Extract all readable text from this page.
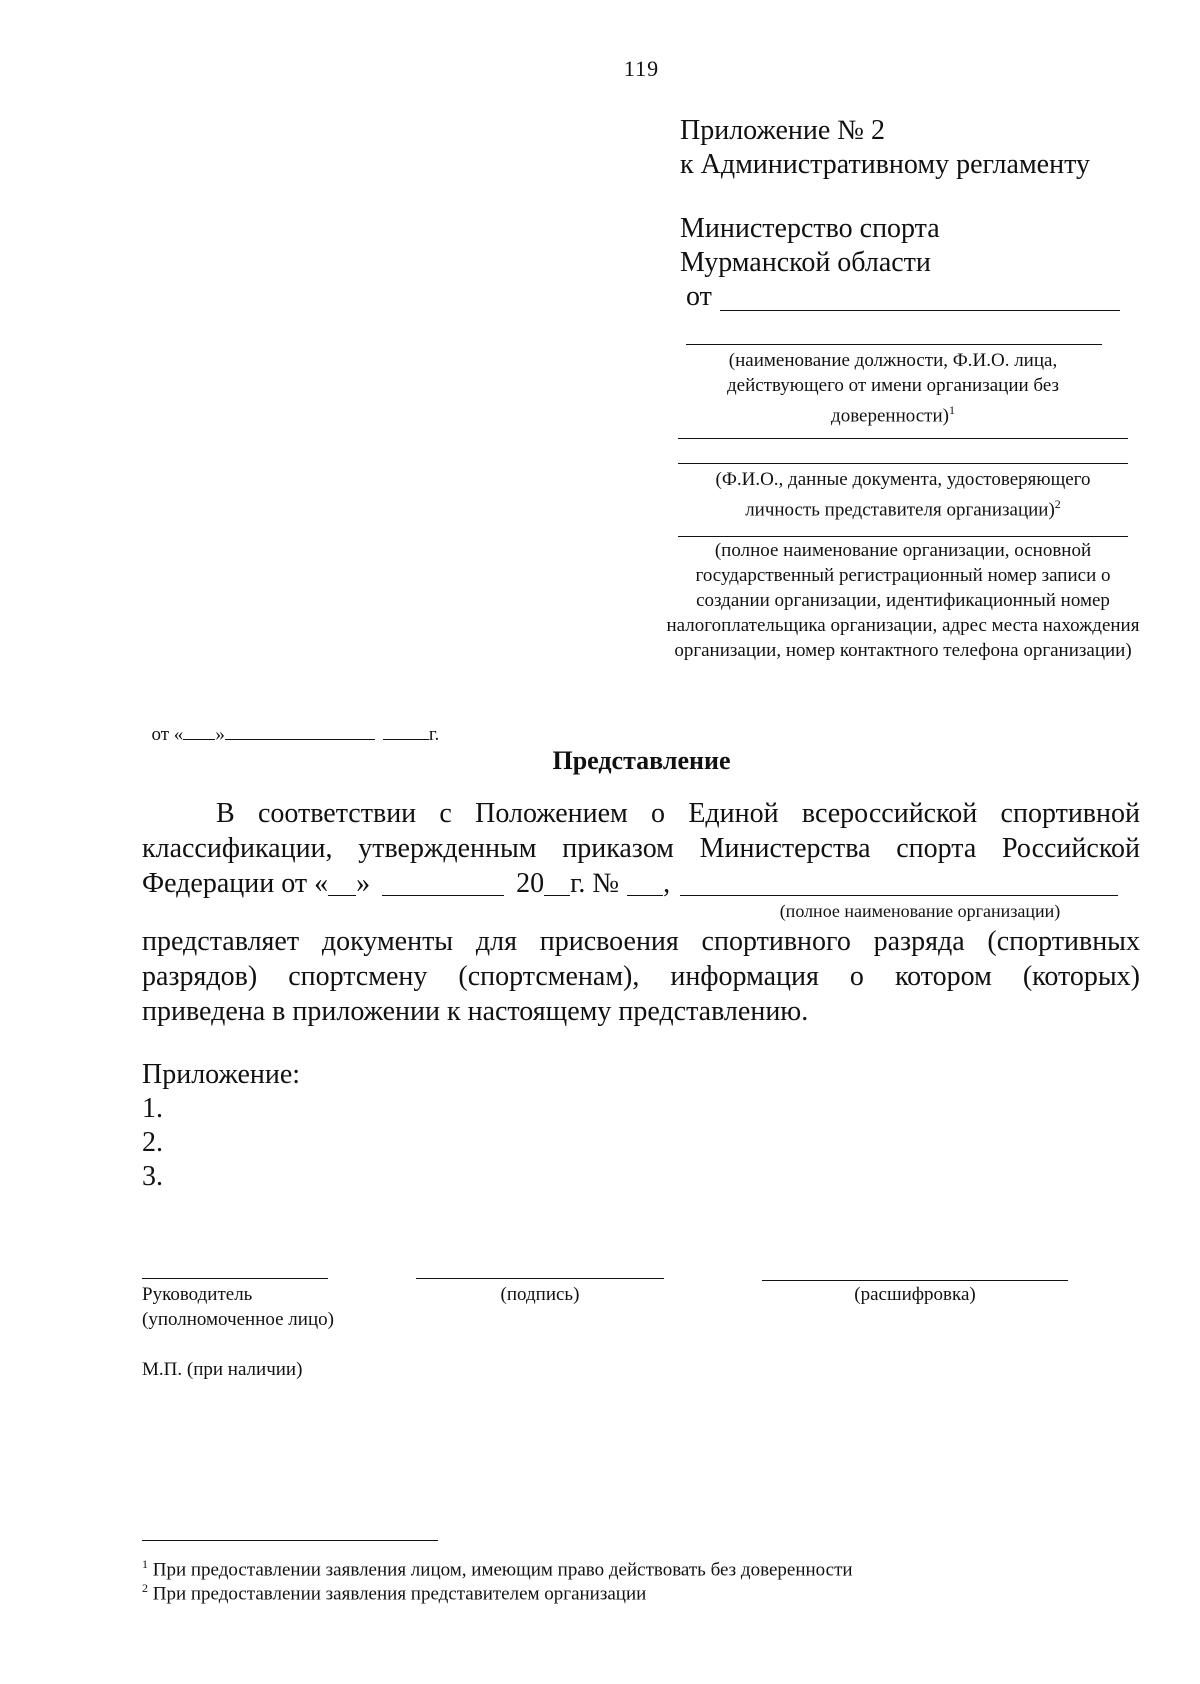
119
Приложение № 2
к Административному регламенту
Министерство спорта
Мурманской области
от
(наименование должности, Ф.И.О. лица, действующего от имени организации без доверенности)$^1$
(Ф.И.О., данные документа, удостоверяющего личность представителя организации)$^2$
(полное наименование организации, основной государственный регистрационный номер записи о создании организации, идентификационный номер налогоплательщика организации, адрес места нахождения организации, номер контактного телефона организации)

от « »	г.

Представление
В соответствии с Положением о Единой всероссийской спортивной
классификации, утвержденным приказом Министерства спорта Российской
Федерации от « »	20 г. № ,
(полное наименование организации)
представляет документы для присвоения спортивного разряда (спортивных
разрядов) спортсмену (спортсменам), информация о котором (которых)
приведена в приложении к настоящему представлению.
Приложение:
1.
2.
3.
Руководитель
(уполномоченное лицо)
(подпись)	(расшифровка)
М.П. (при наличии)
$^1$ При предоставлении заявления лицом, имеющим право действовать без доверенности
$^2$ При предоставлении заявления представителем организации
